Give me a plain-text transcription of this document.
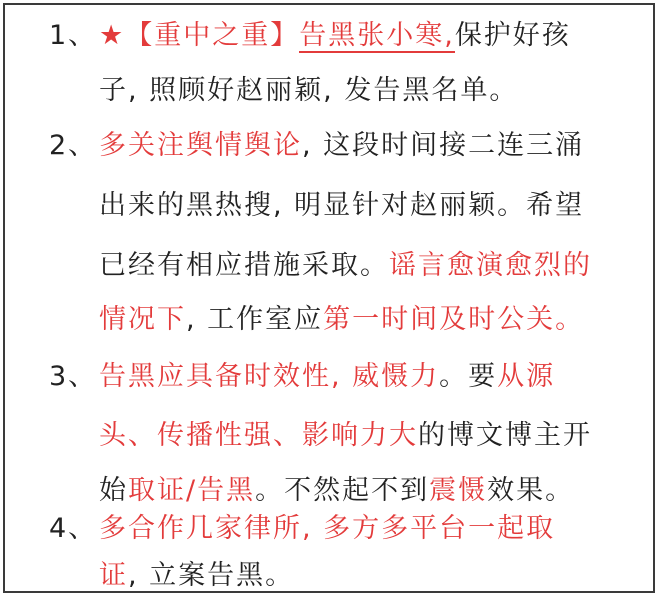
1、 ★【重中之重】告黑张小寒,保护好孩
子, 照顾好赵丽颖, 发告黑名单。
2、 多关注舆情舆论, 这段时间接二连三涌
出来的黑热搜, 明显针对赵丽颖。希望
已经有相应措施采取。谣言愈演愈烈的
情况下, 工作室应第一时间及时公关。
3、 告黑应具备时效性, 威慑力。要从源
头、传播性强、影响力大的博文博主开
始取证/告黑。不然起不到震慑效果。
4、 多合作几家律所, 多方多平台一起取
证, 立案告黑。
